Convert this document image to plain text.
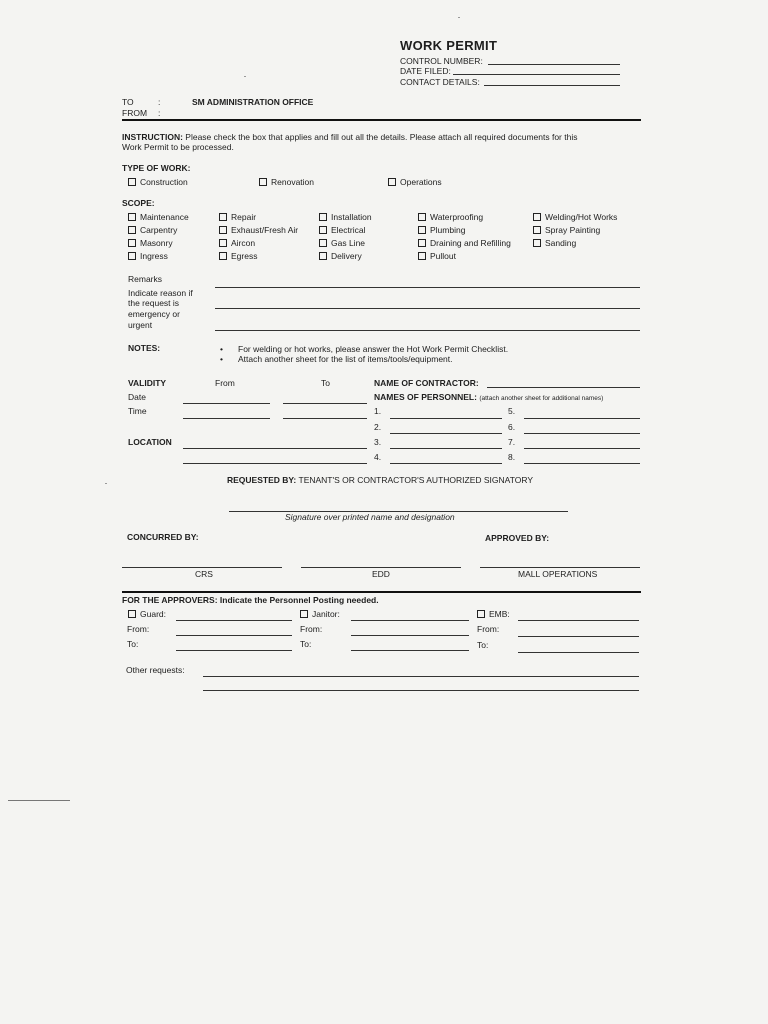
WORK PERMIT
CONTROL NUMBER:
DATE FILED:
CONTACT DETAILS:
TO	:	SM ADMINISTRATION OFFICE
FROM :
INSTRUCTION: Please check the box that applies and fill out all the details. Please attach all required documents for this
Work Permit to be processed.
TYPE OF WORK:
Construction	Renovation	Operations
SCOPE:
Maintenance
Carpentry
Masonry
Ingress
Repair
Exhaust/Fresh Air
Aircon
Egress
Installation
Electrical
Gas Line
Delivery
Waterproofing
Plumbing
Draining and Refilling
Pullout
Welding/Hot Works
Spray Painting
Sanding
Remarks
Indicate reason if
the request is
emergency or
urgent
NOTES:
•	For welding or hot works, please answer the Hot Work Permit Checklist.
• Attach another sheet for the list of items/tools/equipment.
VALIDITY	From	To
Date
Time
LOCATION
NAME OF CONTRACTOR:
NAMES OF PERSONNEL: (attach another sheet for additional names)
1.
2.
3.
4.
5.
6.
7.
8.
REQUESTED BY: TENANT'S OR CONTRACTOR'S AUTHORIZED SIGNATORY
Signature over printed name and designation
CONCURRED BY:	APPROVED BY:
CRS	EDD	MALL OPERATIONS
FOR THE APPROVERS: Indicate the Personnel Posting needed.
Guard:
From:
To:
Janitor:
From:
To:
EMB:
From:
To:
Other requests:
